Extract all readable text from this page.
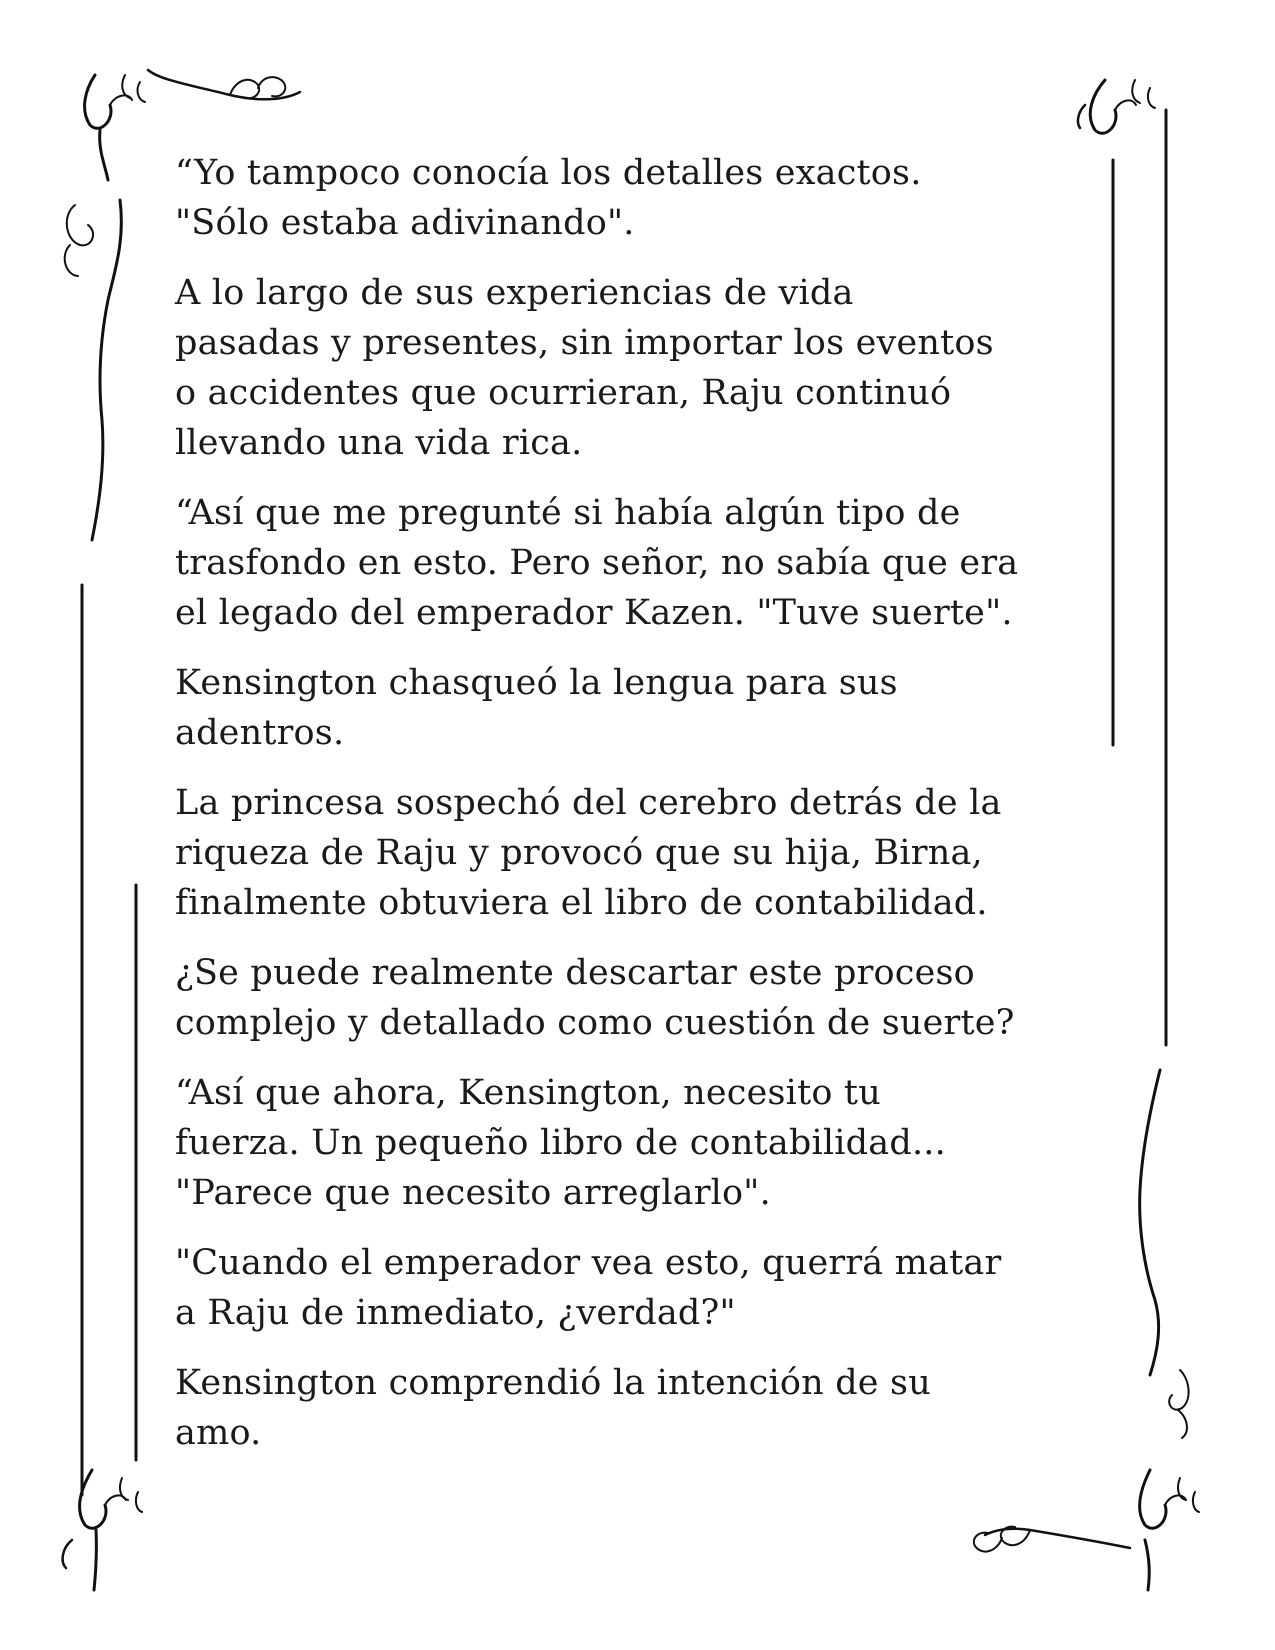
“Yo tampoco conocía los detalles exactos.
"Sólo estaba adivinando".

A lo largo de sus experiencias de vida
pasadas y presentes, sin importar los eventos
o accidentes que ocurrieran, Raju continuó
llevando una vida rica.

“Así que me pregunté si había algún tipo de
trasfondo en esto. Pero señor, no sabía que era
el legado del emperador Kazen. "Tuve suerte".

Kensington chasqueó la lengua para sus
adentros.

La princesa sospechó del cerebro detrás de la
riqueza de Raju y provocó que su hija, Birna,
finalmente obtuviera el libro de contabilidad.

¿Se puede realmente descartar este proceso
complejo y detallado como cuestión de suerte?

“Así que ahora, Kensington, necesito tu
fuerza. Un pequeño libro de contabilidad...
"Parece que necesito arreglarlo".

"Cuando el emperador vea esto, querrá matar
a Raju de inmediato, ¿verdad?"

Kensington comprendió la intención de su
amo.
